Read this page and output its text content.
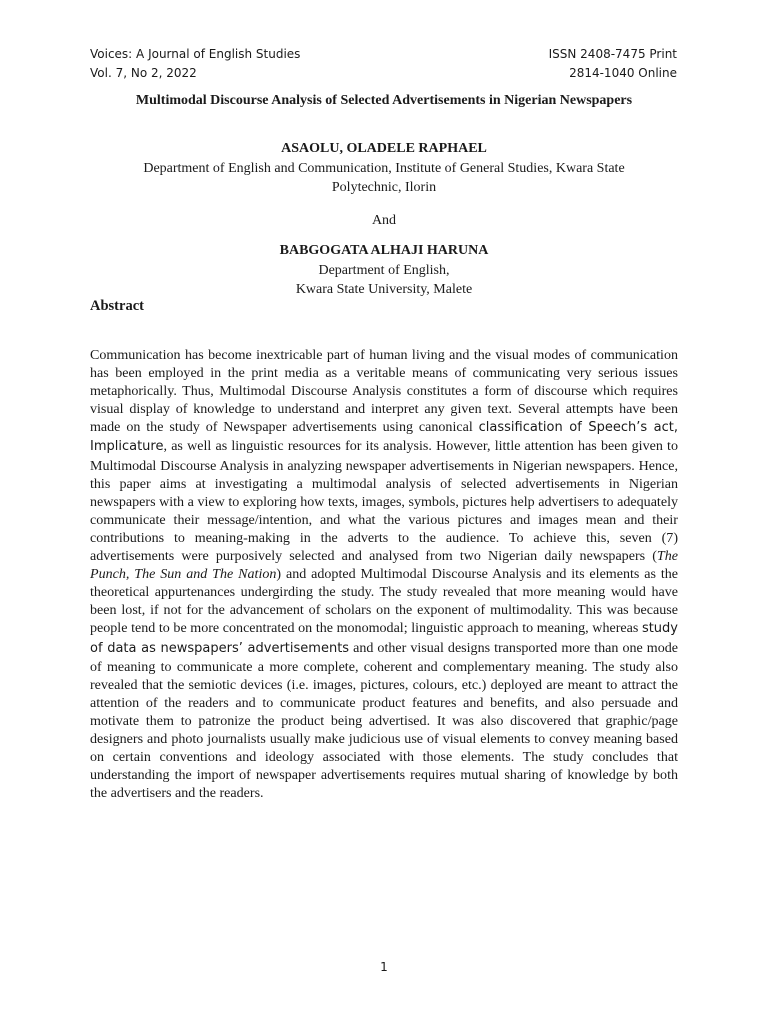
Voices: A Journal of English Studies
Vol. 7, No 2, 2022
ISSN 2408-7475 Print
2814-1040 Online
Multimodal Discourse Analysis of Selected Advertisements in Nigerian Newspapers
ASAOLU, OLADELE RAPHAEL
Department of English and Communication, Institute of General Studies, Kwara State
Polytechnic, Ilorin
And
BABGOGATA ALHAJI HARUNA
Department of English,
Kwara State University, Malete
Abstract

Communication has become inextricable part of human living and the visual modes of communication has been employed in the print media as a veritable means of communicating very serious issues metaphorically. Thus, Multimodal Discourse Analysis constitutes a form of discourse which requires visual display of knowledge to understand and interpret any given text. Several attempts have been made on the study of Newspaper advertisements using canonical classification of Speech’s act, Implicature, as well as linguistic resources for its analysis. However, little attention has been given to Multimodal Discourse Analysis in analyzing newspaper advertisements in Nigerian newspapers. Hence, this paper aims at investigating a multimodal analysis of selected advertisements in Nigerian newspapers with a view to exploring how texts, images, symbols, pictures help advertisers to adequately communicate their message/intention, and what the various pictures and images mean and their contributions to meaning-making in the adverts to the audience. To achieve this, seven (7) advertisements were purposively selected and analysed from two Nigerian daily newspapers (The Punch, The Sun and The Nation) and adopted Multimodal Discourse Analysis and its elements as the theoretical appurtenances undergirding the study. The study revealed that more meaning would have been lost, if not for the advancement of scholars on the exponent of multimodality. This was because people tend to be more concentrated on the monomodal; linguistic approach to meaning, whereas study of data as newspapers’ advertisements and other visual designs transported more than one mode of meaning to communicate a more complete, coherent and complementary meaning. The study also revealed that the semiotic devices (i.e. images, pictures, colours, etc.) deployed are meant to attract the attention of the readers and to communicate product features and benefits, and also persuade and motivate them to patronize the product being advertised. It was also discovered that graphic/page designers and photo journalists usually make judicious use of visual elements to convey meaning based on certain conventions and ideology associated with those elements. The study concludes that understanding the import of newspaper advertisements requires mutual sharing of knowledge by both the advertisers and the readers.

1
